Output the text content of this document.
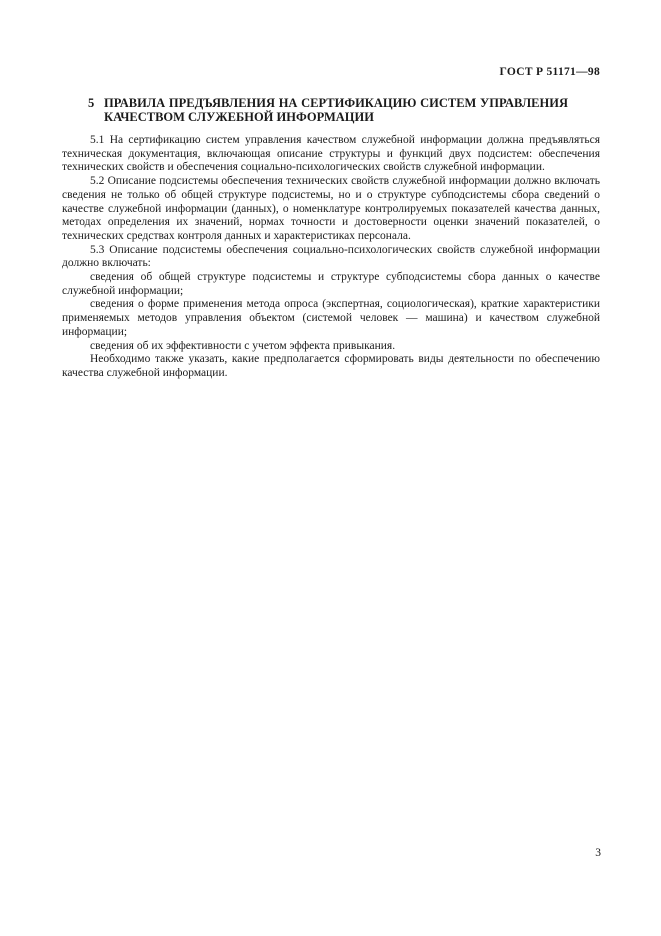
ГОСТ Р 51171—98
5 ПРАВИЛА ПРЕДЪЯВЛЕНИЯ НА СЕРТИФИКАЦИЮ СИСТЕМ УПРАВЛЕНИЯ КАЧЕСТВОМ СЛУЖЕБНОЙ ИНФОРМАЦИИ

5.1 На сертификацию систем управления качеством служебной информации должна предъявляться техническая документация, включающая описание структуры и функций двух подсистем: обеспечения технических свойств и обеспечения социально-психологических свойств служебной информации.

5.2 Описание подсистемы обеспечения технических свойств служебной информации должно включать сведения не только об общей структуре подсистемы, но и о структуре субподсистемы сбора сведений о качестве служебной информации (данных), о номенклатуре контролируемых показателей качества данных, методах определения их значений, нормах точности и достоверности оценки значений показателей, о технических средствах контроля данных и характеристиках персонала.

5.3 Описание подсистемы обеспечения социально-психологических свойств служебной информации должно включать:

сведения об общей структуре подсистемы и структуре субподсистемы сбора данных о качестве служебной информации;

сведения о форме применения метода опроса (экспертная, социологическая), краткие характеристики применяемых методов управления объектом (системой человек — машина) и качеством служебной информации;

сведения об их эффективности с учетом эффекта привыкания.

Необходимо также указать, какие предполагается сформировать виды деятельности по обеспечению качества служебной информации.

3
